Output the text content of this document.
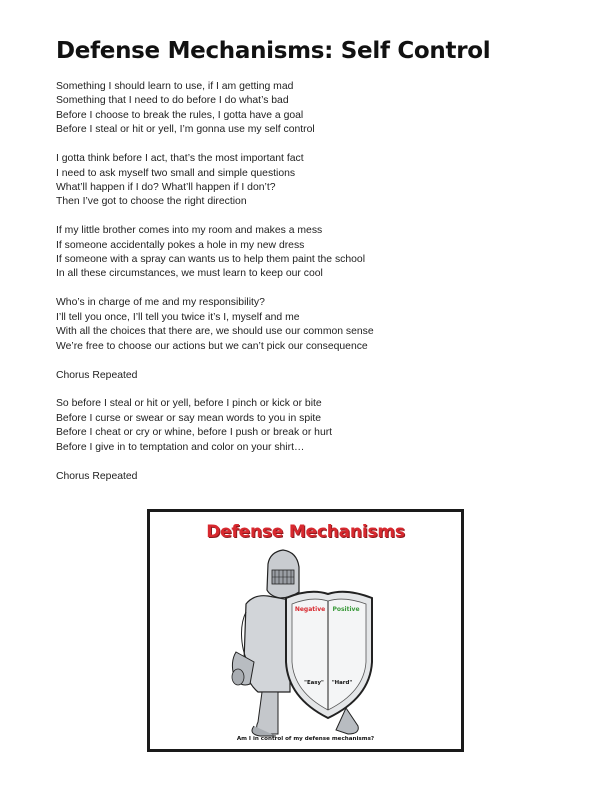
Defense Mechanisms: Self Control

Something I should learn to use, if I am getting mad
Something that I need to do before I do what’s bad
Before I choose to break the rules, I gotta have a goal
Before I steal or hit or yell, I’m gonna use my self control

I gotta think before I act, that’s the most important fact
I need to ask myself two small and simple questions
What’ll happen if I do? What’ll happen if I don’t?
Then I’ve got to choose the right direction

If my little brother comes into my room and makes a mess
If someone accidentally pokes a hole in my new dress
If someone with a spray can wants us to help them paint the school
In all these circumstances, we must learn to keep our cool

Who’s in charge of me and my responsibility?
I’ll tell you once, I’ll tell you twice it’s I, myself and me
With all the choices that there are, we should use our common sense
We’re free to choose our actions but we can’t pick our consequence

Chorus Repeated

So before I steal or hit or yell, before I pinch or kick or bite
Before I curse or swear or say mean words to you in spite
Before I cheat or cry or whine, before I push or break or hurt
Before I give in to temptation and color on your shirt…

Chorus Repeated

Defense Mechanisms
Negative Positive
"Easy" "Hard"
Am I in control of my defense mechanisms?
